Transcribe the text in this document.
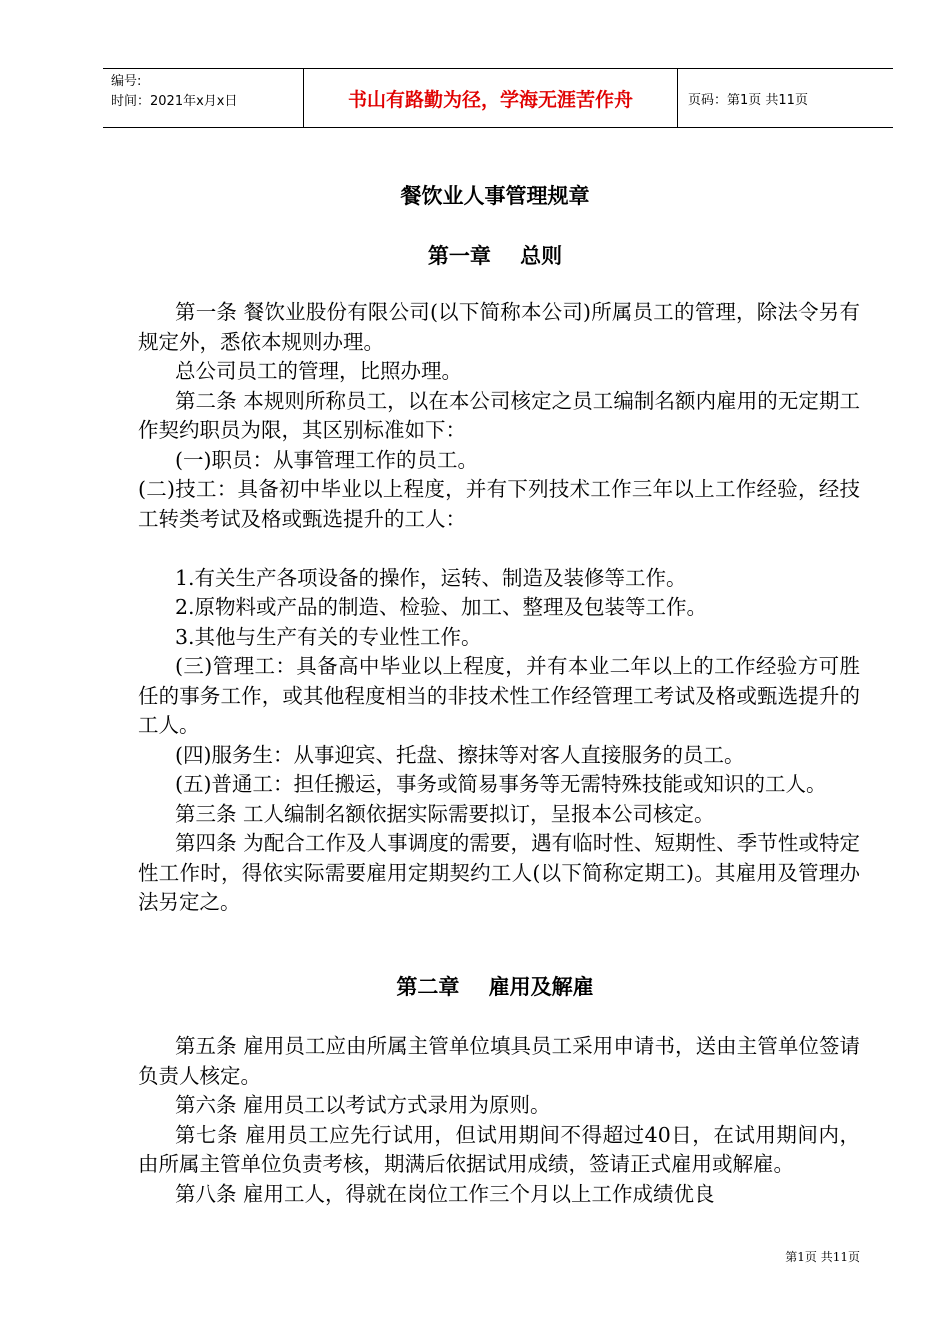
编号:
时间：2021年x月x日	书山有路勤为径，学海无涯苦作舟	页码：第1页 共11页
餐饮业人事管理规章
第一章    总则

第一条 餐饮业股份有限公司(以下简称本公司)所属员工的管理，除法令另有规定外，悉依本规则办理。

总公司员工的管理，比照办理。

第二条 本规则所称员工，以在本公司核定之员工编制名额内雇用的无定期工作契约职员为限，其区别标准如下：

(一)职员：从事管理工作的员工。

(二)技工：具备初中毕业以上程度，并有下列技术工作三年以上工作经验，经技工转类考试及格或甄选提升的工人：

1.有关生产各项设备的操作，运转、制造及装修等工作。

2.原物料或产品的制造、检验、加工、整理及包装等工作。

3.其他与生产有关的专业性工作。

(三)管理工：具备高中毕业以上程度，并有本业二年以上的工作经验方可胜任的事务工作，或其他程度相当的非技术性工作经管理工考试及格或甄选提升的工人。

(四)服务生：从事迎宾、托盘、擦抹等对客人直接服务的员工。

(五)普通工：担任搬运，事务或简易事务等无需特殊技能或知识的工人。

第三条 工人编制名额依据实际需要拟订，呈报本公司核定。

第四条 为配合工作及人事调度的需要，遇有临时性、短期性、季节性或特定性工作时，得依实际需要雇用定期契约工人(以下简称定期工)。其雇用及管理办法另定之。

第二章    雇用及解雇

第五条 雇用员工应由所属主管单位填具员工采用申请书，送由主管单位签请负责人核定。

第六条 雇用员工以考试方式录用为原则。

第七条 雇用员工应先行试用，但试用期间不得超过40日，在试用期间内，由所属主管单位负责考核，期满后依据试用成绩，签请正式雇用或解雇。

第八条 雇用工人，得就在岗位工作三个月以上工作成绩优良

第1页 共11页
